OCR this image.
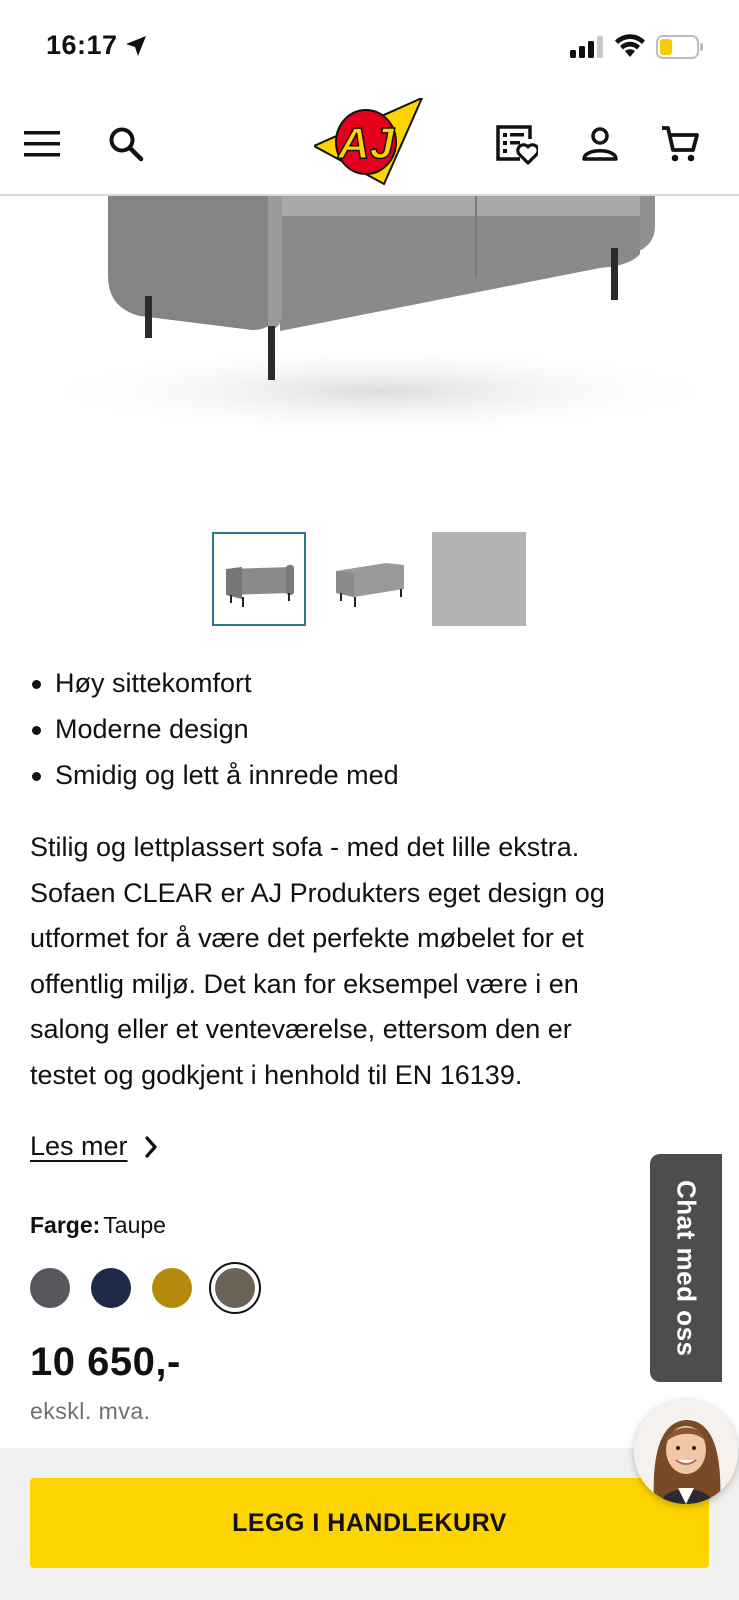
16:17
AJ
Høy sittekomfort
Moderne design
Smidig og lett å innrede med
Stilig og lettplassert sofa - med det lille ekstra.
Sofaen CLEAR er AJ Produkters eget design og
utformet for å være det perfekte møbelet for et
offentlig miljø. Det kan for eksempel være i en
salong eller et venteværelse, ettersom den er
testet og godkjent i henhold til EN 16139.
Les mer
Farge: Taupe
10 650,-
ekskl. mva.
LEGG I HANDLEKURV
Chat med oss
